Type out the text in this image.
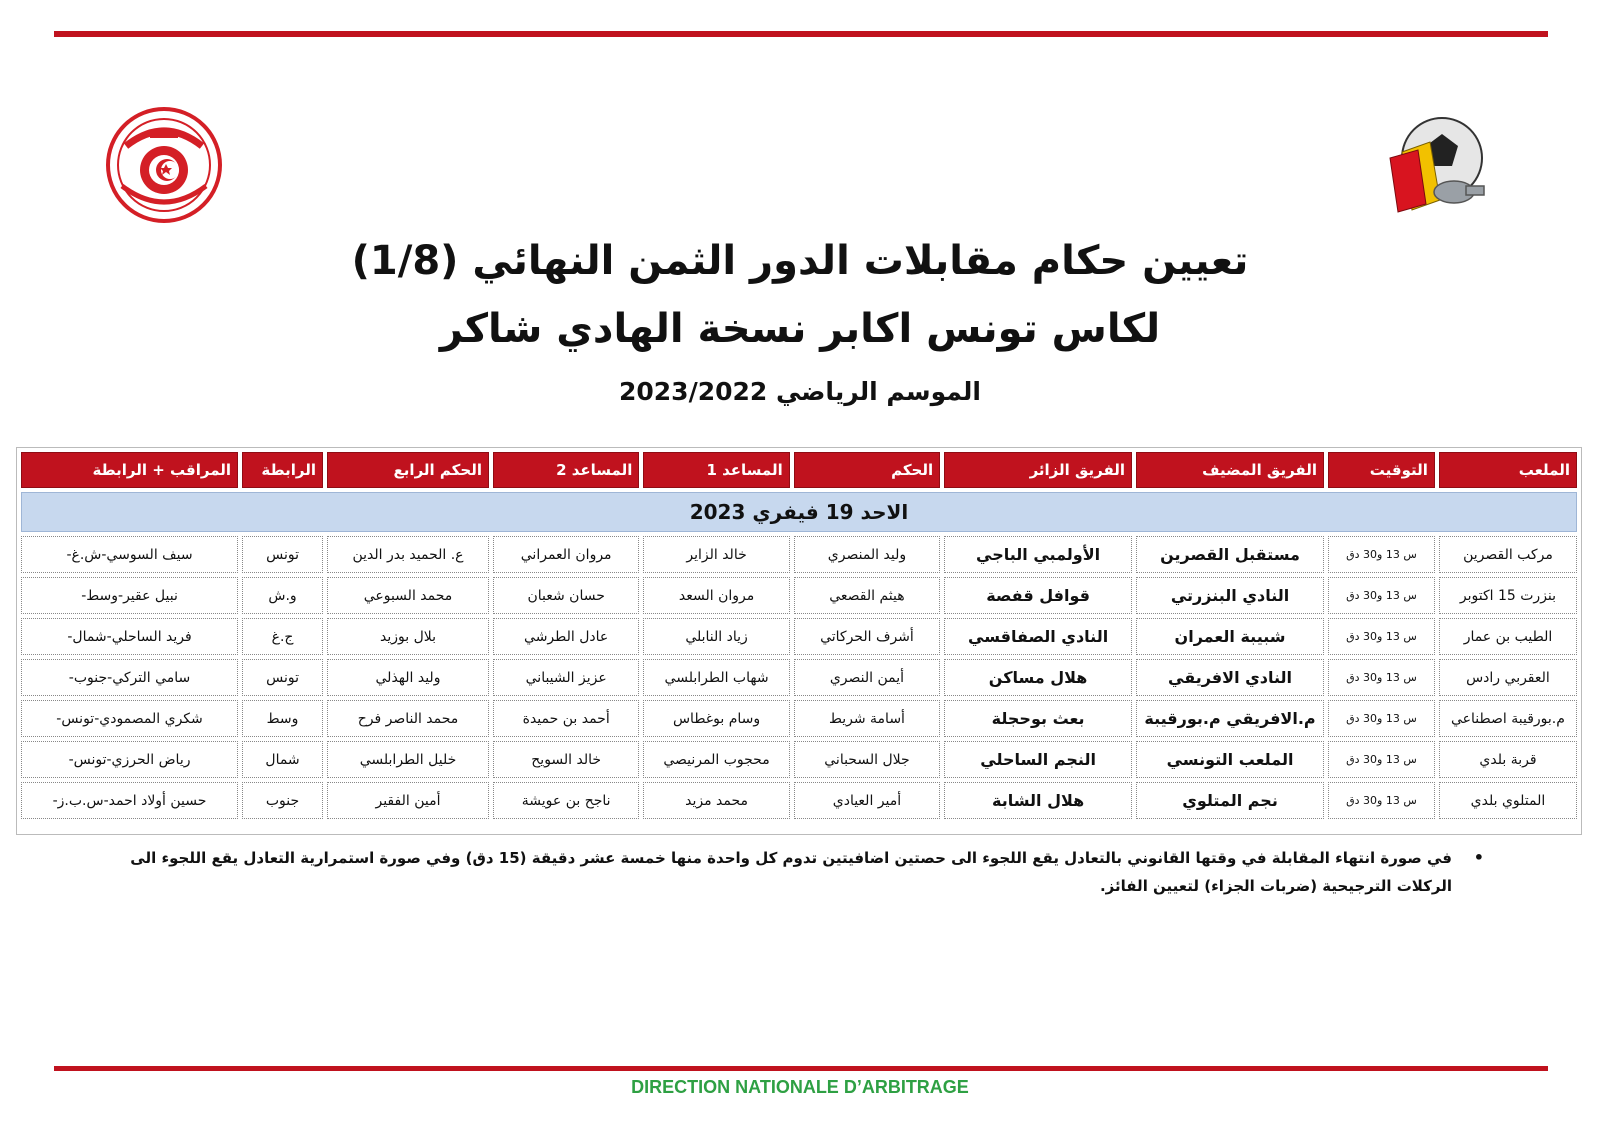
تعيين حكام مقابلات الدور الثمن النهائي (1/8)
لكاس تونس اكابر نسخة الهادي شاكر
الموسم الرياضي 2023/2022
الملعب	التوقيت	الفريق المضيف	الفريق الزائر	الحكم	المساعد 1	المساعد 2	الحكم الرابع	الرابطة	المراقب + الرابطة
الاحد 19 فيفري 2023									
مركب القصرين	س 13 و30 دق	مستقبل القصرين	الأولمبي الباجي	وليد المنصري	خالد الزاير	مروان العمراني	ع. الحميد بدر الدين	تونس	سيف السوسي-ش.غ-
بنزرت 15 اكتوبر	س 13 و30 دق	النادي البنزرتي	قوافل قفصة	هيثم القصعي	مروان السعد	حسان شعبان	محمد السبوعي	و.ش	نبيل عقير-وسط-
الطيب بن عمار	س 13 و30 دق	شبيبة العمران	النادي الصفاقسي	أشرف الحركاتي	زياد النابلي	عادل الطرشي	بلال بوزيد	ج.غ	فريد الساحلي-شمال-
العقربي رادس	س 13 و30 دق	النادي الافريقي	هلال مساكن	أيمن النصري	شهاب الطرابلسي	عزيز الشيباني	وليد الهذلي	تونس	سامي التركي-جنوب-
م.بورقيبة اصطناعي	س 13 و30 دق	م.الافريقي م.بورقيبة	بعث بوحجلة	أسامة شريط	وسام بوغطاس	أحمد بن حميدة	محمد الناصر فرح	وسط	شكري المصمودي-تونس-
قربة بلدي	س 13 و30 دق	الملعب التونسي	النجم الساحلي	جلال السحباني	محجوب المرنيصي	خالد السويح	خليل الطرابلسي	شمال	رياض الحرزي-تونس-
المتلوي بلدي	س 13 و30 دق	نجم المتلوي	هلال الشابة	أمير العيادي	محمد مزيد	ناجح بن عويشة	أمين الفقير	جنوب	حسين أولاد احمد-س.ب.ز-
•
في صورة انتهاء المقابلة في وقتها القانوني بالتعادل يقع اللجوء الى حصتين اضافيتين تدوم كل واحدة منها خمسة عشر دقيقة (15 دق) وفي صورة استمرارية التعادل يقع اللجوء الى الركلات الترجيحية (ضربات الجزاء) لتعيين الفائز.
DIRECTION NATIONALE D’ARBITRAGE
